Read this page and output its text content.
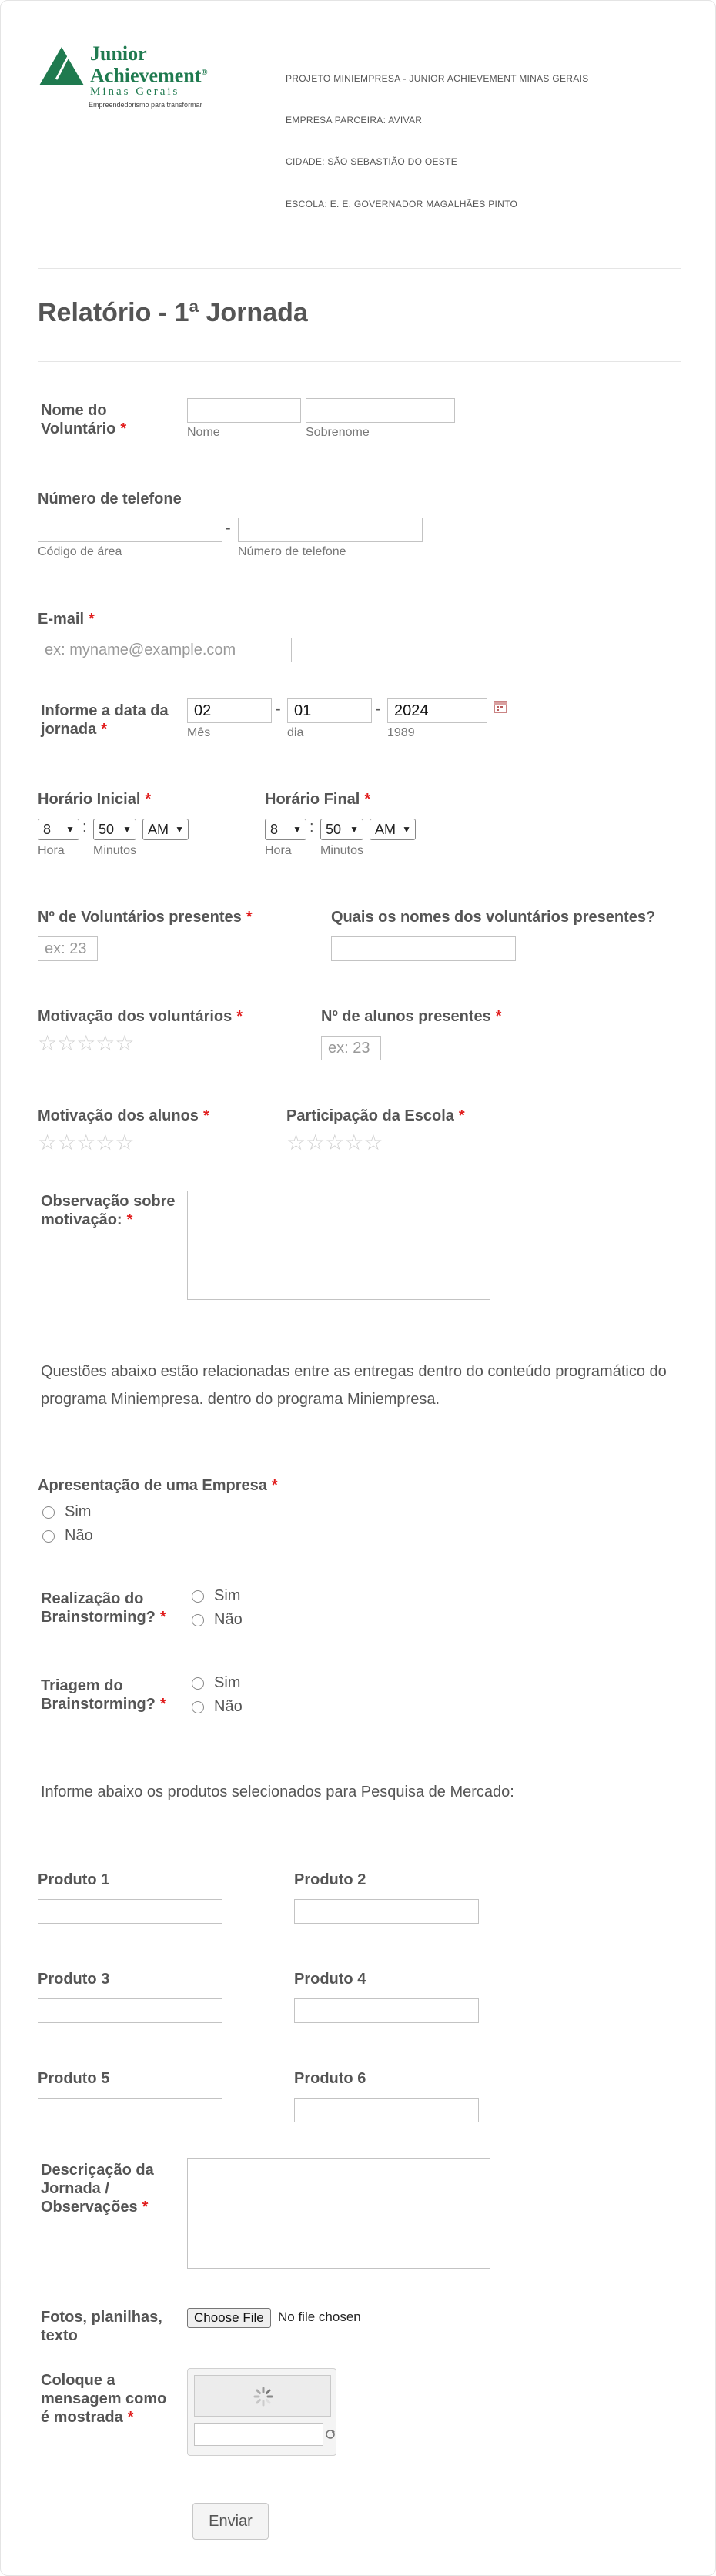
Junior
Achievement®
Minas Gerais
Empreendedorismo para transformar
PROJETO MINIEMPRESA - JUNIOR ACHIEVEMENT MINAS GERAIS
EMPRESA PARCEIRA: AVIVAR
CIDADE: SÃO SEBASTIÃO DO OESTE
ESCOLA: E. E. GOVERNADOR MAGALHÃES PINTO
Relatório - 1ª Jornada
Nome do Voluntário *	Nome	Sobrenome
Número de telefone
-
Código de área	Número de telefone
E-mail *
ex: myname@example.com
Informe a data da jornada *
02	- 01	- 2024
Mês	dia	1989
Horário Inicial *
8 ▼ : 50 ▼	AM ▼
Hora Minutos
Horário Final *
8 ▼ : 50 ▼	AM ▼
Hora Minutos
Nº de Voluntários presentes *
ex: 23
Quais os nomes dos voluntários presentes?
Motivação dos voluntários *
☆☆☆☆☆
Nº de alunos presentes *
ex: 23
Motivação dos alunos *
☆☆☆☆☆
Participação da Escola *
☆☆☆☆☆
Observação sobre motivação: *
Questões abaixo estão relacionadas entre as entregas dentro do conteúdo programático do programa Miniempresa. dentro do programa Miniempresa.
Apresentação de uma Empresa *
Sim
Não
Realização do Brainstorming? *
Sim
Não
Triagem do Brainstorming? *
Sim
Não
Informe abaixo os produtos selecionados para Pesquisa de Mercado:
Produto 1	Produto 2
Produto 3	Produto 4
Produto 5	Produto 6
Descriçação da Jornada / Observações *
Fotos, planilhas, texto
Choose File	No file chosen
Coloque a mensagem como é mostrada *
Enviar
